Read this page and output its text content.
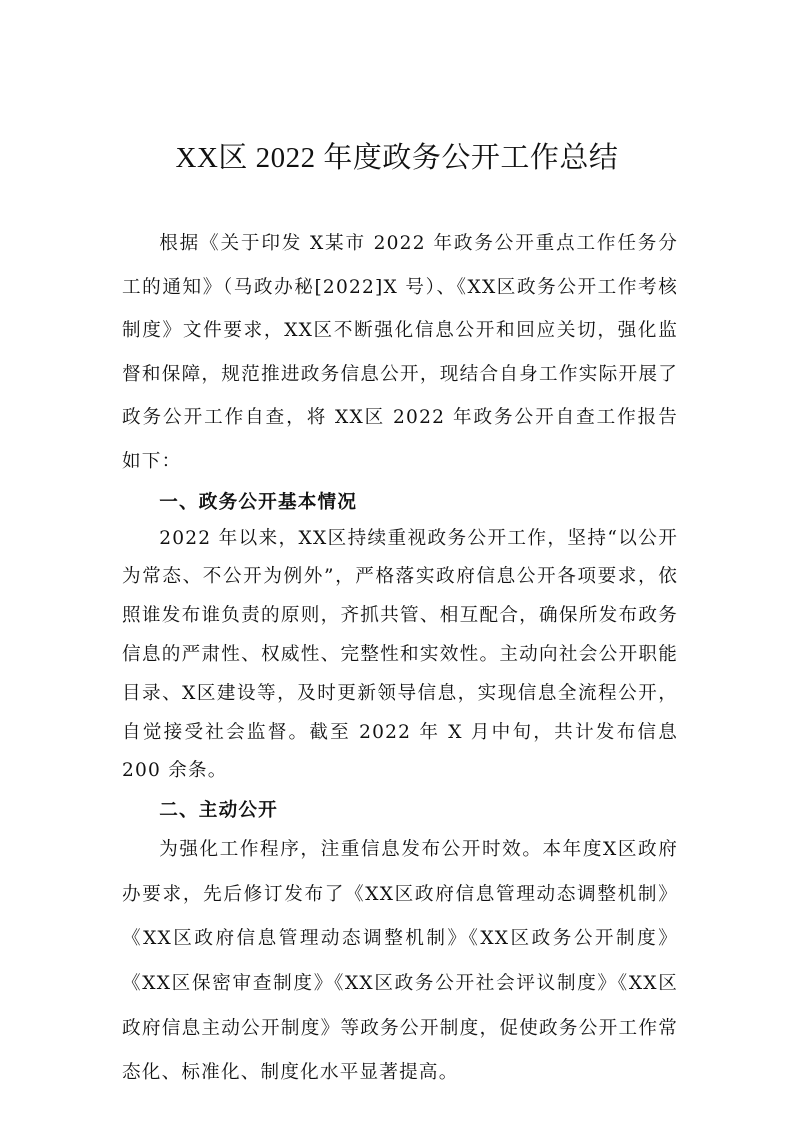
XX区 2022 年度政务公开工作总结

根据《关于印发 X某市 2022 年政务公开重点工作任务分工的通知》（马政办秘[2022]X 号）、《XX区政务公开工作考核制度》文件要求，XX区不断强化信息公开和回应关切，强化监督和保障，规范推进政务信息公开，现结合自身工作实际开展了政务公开工作自查，将 XX区 2022 年政务公开自查工作报告如下：

一、政务公开基本情况

2022 年以来，XX区持续重视政务公开工作，坚持“以公开为常态、不公开为例外”，严格落实政府信息公开各项要求，依照谁发布谁负责的原则，齐抓共管、相互配合，确保所发布政务信息的严肃性、权威性、完整性和实效性。主动向社会公开职能目录、X区建设等，及时更新领导信息，实现信息全流程公开，自觉接受社会监督。截至 2022 年 X 月中旬，共计发布信息 200 余条。

二、主动公开

为强化工作程序，注重信息发布公开时效。本年度X区政府办要求，先后修订发布了《XX区政府信息管理动态调整机制》《XX区政府信息管理动态调整机制》《XX区政务公开制度》《XX区保密审查制度》《XX区政务公开社会评议制度》《XX区政府信息主动公开制度》等政务公开制度，促使政务公开工作常态化、标准化、制度化水平显著提高。
